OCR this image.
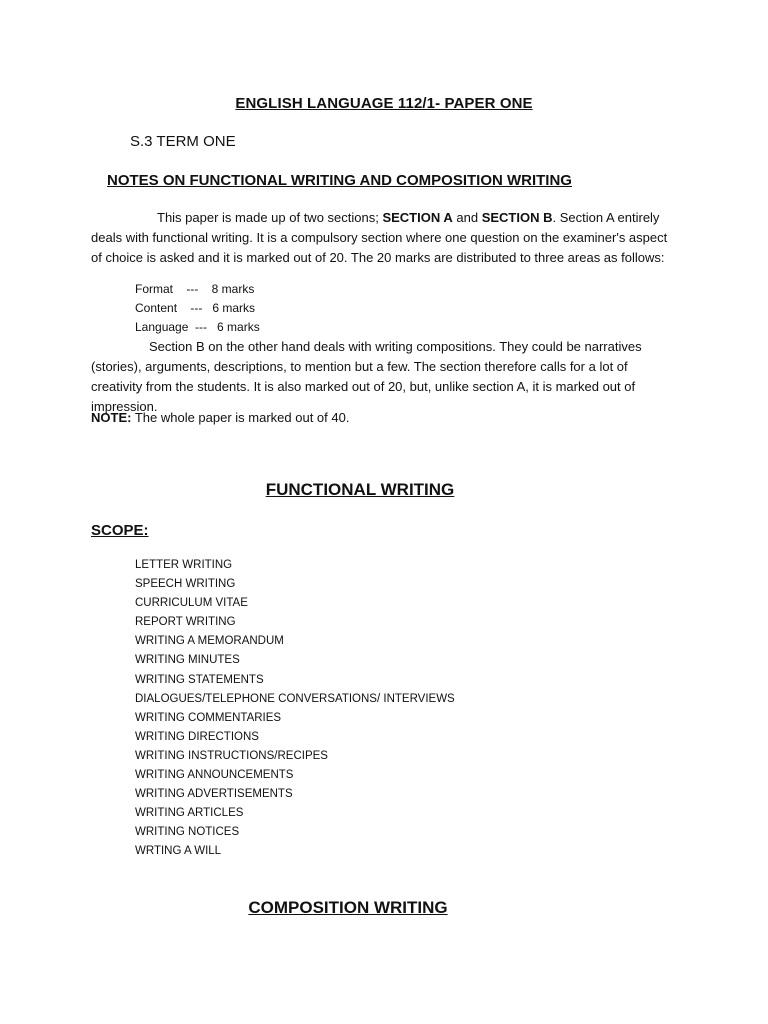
ENGLISH LANGUAGE 112/1- PAPER ONE
S.3 TERM ONE
NOTES ON FUNCTIONAL WRITING AND COMPOSITION WRITING
This paper is made up of two sections; SECTION A and SECTION B. Section A entirely deals with functional writing. It is a compulsory section where one question on the examiner's aspect of choice is asked and it is marked out of 20. The 20 marks are distributed to three areas as follows:
Format    ---    8 marks
Content    ---   6 marks
Language  ---   6 marks
Section B on the other hand deals with writing compositions. They could be narratives (stories), arguments, descriptions, to mention but a few. The section therefore calls for a lot of creativity from the students. It is also marked out of 20, but, unlike section A, it is marked out of impression.
NOTE: The whole paper is marked out of 40.
FUNCTIONAL WRITING
SCOPE:
LETTER WRITING
SPEECH WRITING
CURRICULUM VITAE
REPORT WRITING
WRITING A MEMORANDUM
WRITING MINUTES
WRITING STATEMENTS
DIALOGUES/TELEPHONE CONVERSATIONS/ INTERVIEWS
WRITING COMMENTARIES
WRITING DIRECTIONS
WRITING INSTRUCTIONS/RECIPES
WRITING ANNOUNCEMENTS
WRITING ADVERTISEMENTS
WRITING ARTICLES
WRITING NOTICES
WRTING A WILL
COMPOSITION WRITING
